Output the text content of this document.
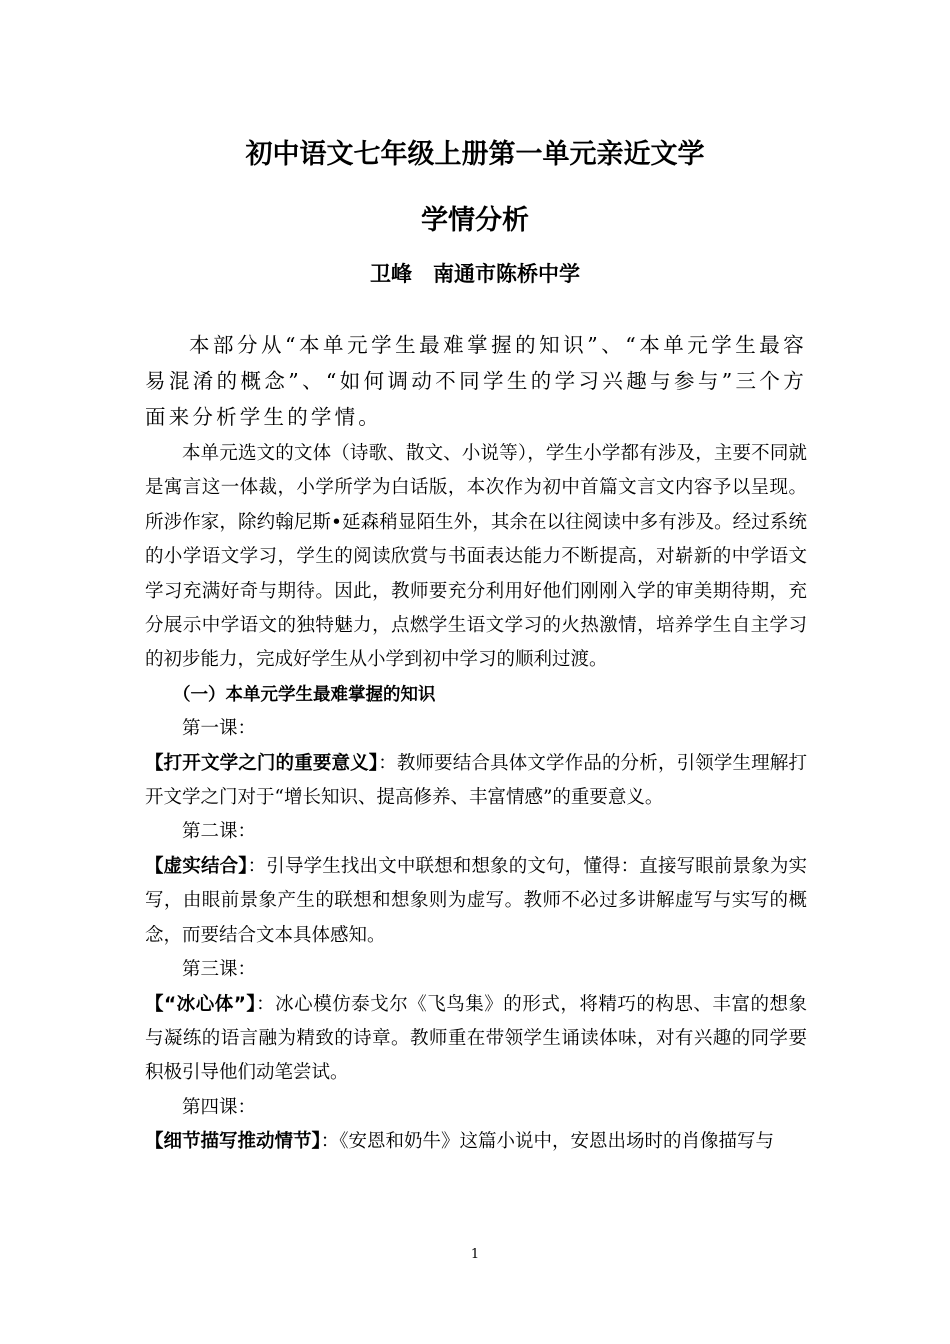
初中语文七年级上册第一单元亲近文学
学情分析
卫峰　南通市陈桥中学
本部分从“本单元学生最难掌握的知识”、“本单元学生最容易混淆的概念”、“如何调动不同学生的学习兴趣与参与”三个方面来分析学生的学情。

本单元选文的文体（诗歌、散文、小说等），学生小学都有涉及，主要不同就是寓言这一体裁，小学所学为白话版，本次作为初中首篇文言文内容予以呈现。所涉作家，除约翰尼斯•延森稍显陌生外，其余在以往阅读中多有涉及。经过系统的小学语文学习，学生的阅读欣赏与书面表达能力不断提高，对崭新的中学语文学习充满好奇与期待。因此，教师要充分利用好他们刚刚入学的审美期待期，充分展示中学语文的独特魅力，点燃学生语文学习的火热激情，培养学生自主学习的初步能力，完成好学生从小学到初中学习的顺利过渡。

（一）本单元学生最难掌握的知识

第一课：

【打开文学之门的重要意义】：教师要结合具体文学作品的分析，引领学生理解打开文学之门对于“增长知识、提高修养、丰富情感”的重要意义。

第二课：

【虚实结合】：引导学生找出文中联想和想象的文句，懂得：直接写眼前景象为实写，由眼前景象产生的联想和想象则为虚写。教师不必过多讲解虚写与实写的概念，而要结合文本具体感知。

第三课：

【“冰心体”】：冰心模仿泰戈尔《飞鸟集》的形式，将精巧的构思、丰富的想象与凝练的语言融为精致的诗章。教师重在带领学生诵读体味，对有兴趣的同学要积极引导他们动笔尝试。

第四课：

【细节描写推动情节】：《安恩和奶牛》这篇小说中，安恩出场时的肖像描写与

1
